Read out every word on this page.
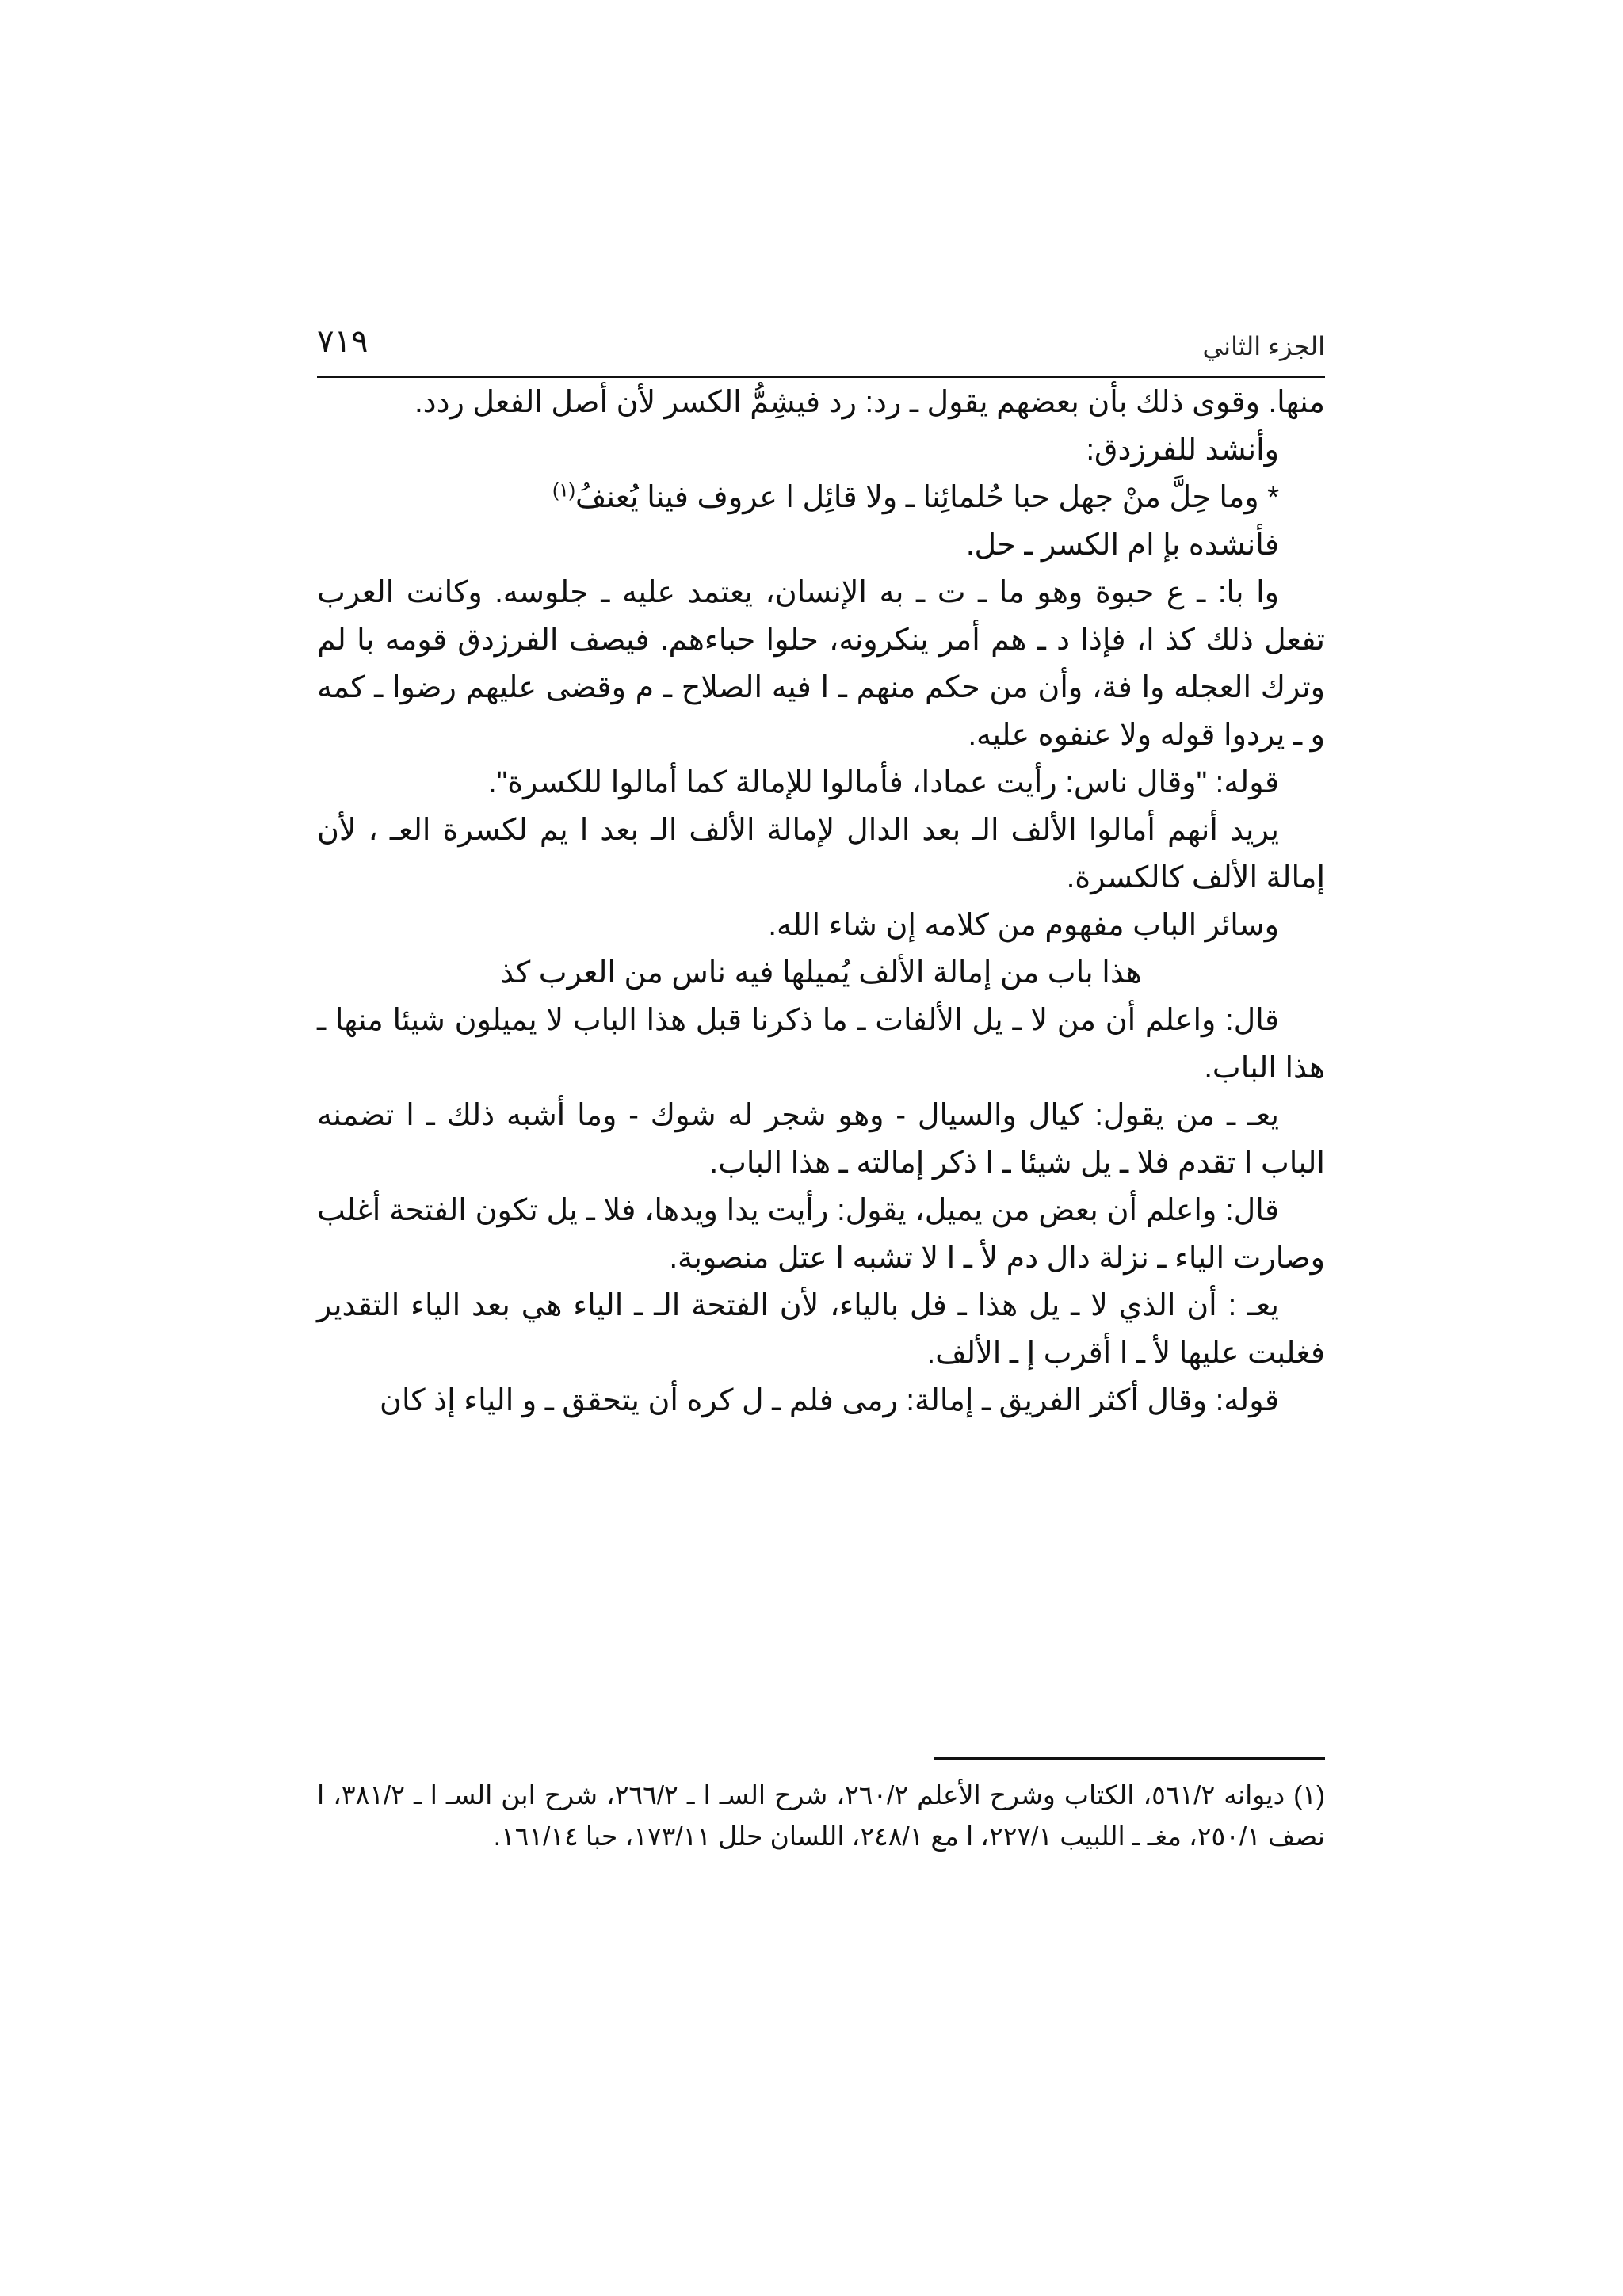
الجزء الثاني
٧١٩

منها. وقوى ذلك بأن بعضهم يقول ـ رد: رد فيشِمُّ الكسر لأن أصل الفعل ردد.

وأنشد للفرزدق:

* وما حِلَّ منْ جهل حبا حُلمائِنا ـ ولا قائِل ا عروف فينا يُعنفُ$^{(١)}$

فأنشده بإ ام الكسر ـ حل.

وا با: ـ ع حبوة وهو ما ـ ت ـ به الإنسان، يعتمد عليه ـ جلوسه. وكانت العرب تفعل ذلك كذ ا، فإذا د ـ هم أمر ينكرونه، حلوا حباءهم. فيصف الفرزدق قومه با لم وترك العجله وا فة، وأن من حكم منهم ـ ا فيه الصلاح ـ م وقضى عليهم رضوا ـ كمه و ـ يردوا قوله ولا عنفوه عليه.

قوله: "وقال ناس: رأيت عمادا، فأمالوا للإمالة كما أمالوا للكسرة".

يريد أنهم أمالوا الألف الـ بعد الدال لإمالة الألف الـ بعد ا يم لكسرة العـ ، لأن إمالة الألف كالكسرة.

وسائر الباب مفهوم من كلامه إن شاء الله.

هذا باب من إمالة الألف يُميلها فيه ناس من العرب كذ

قال: واعلم أن من لا ـ يل الألفات ـ ما ذكرنا قبل هذا الباب لا يميلون شيئا منها ـ هذا الباب.

يعـ ـ من يقول: كيال والسيال - وهو شجر له شوك - وما أشبه ذلك ـ ا تضمنه الباب ا تقدم فلا ـ يل شيئا ـ ا ذكر إمالته ـ هذا الباب.

قال: واعلم أن بعض من يميل، يقول: رأيت يدا ويدها، فلا ـ يل تكون الفتحة أغلب وصارت الياء ـ نزلة دال دم لأ ـ ا لا تشبه ا عتل منصوبة.

يعـ : أن الذي لا ـ يل هذا ـ فل بالياء، لأن الفتحة الـ ـ الياء هي بعد الياء التقدير فغلبت عليها لأ ـ ا أقرب إ ـ الألف.

قوله: وقال أكثر الفريق ـ إمالة: رمى فلم ـ ل كره أن يتحقق ـ و الياء إذ كان

(١) ديوانه ٥٦١/٢، الكتاب وشرح الأعلم ٢٦٠/٢، شرح السـ ا ـ ٢٦٦/٢، شرح ابن السـ ا ـ ٣٨١/٢، ا نصف ٢٥٠/١، مغـ ـ اللبيب ٢٢٧/١، ا مع ٢٤٨/١، اللسان حلل ١٧٣/١١، حبا ١٦١/١٤.
